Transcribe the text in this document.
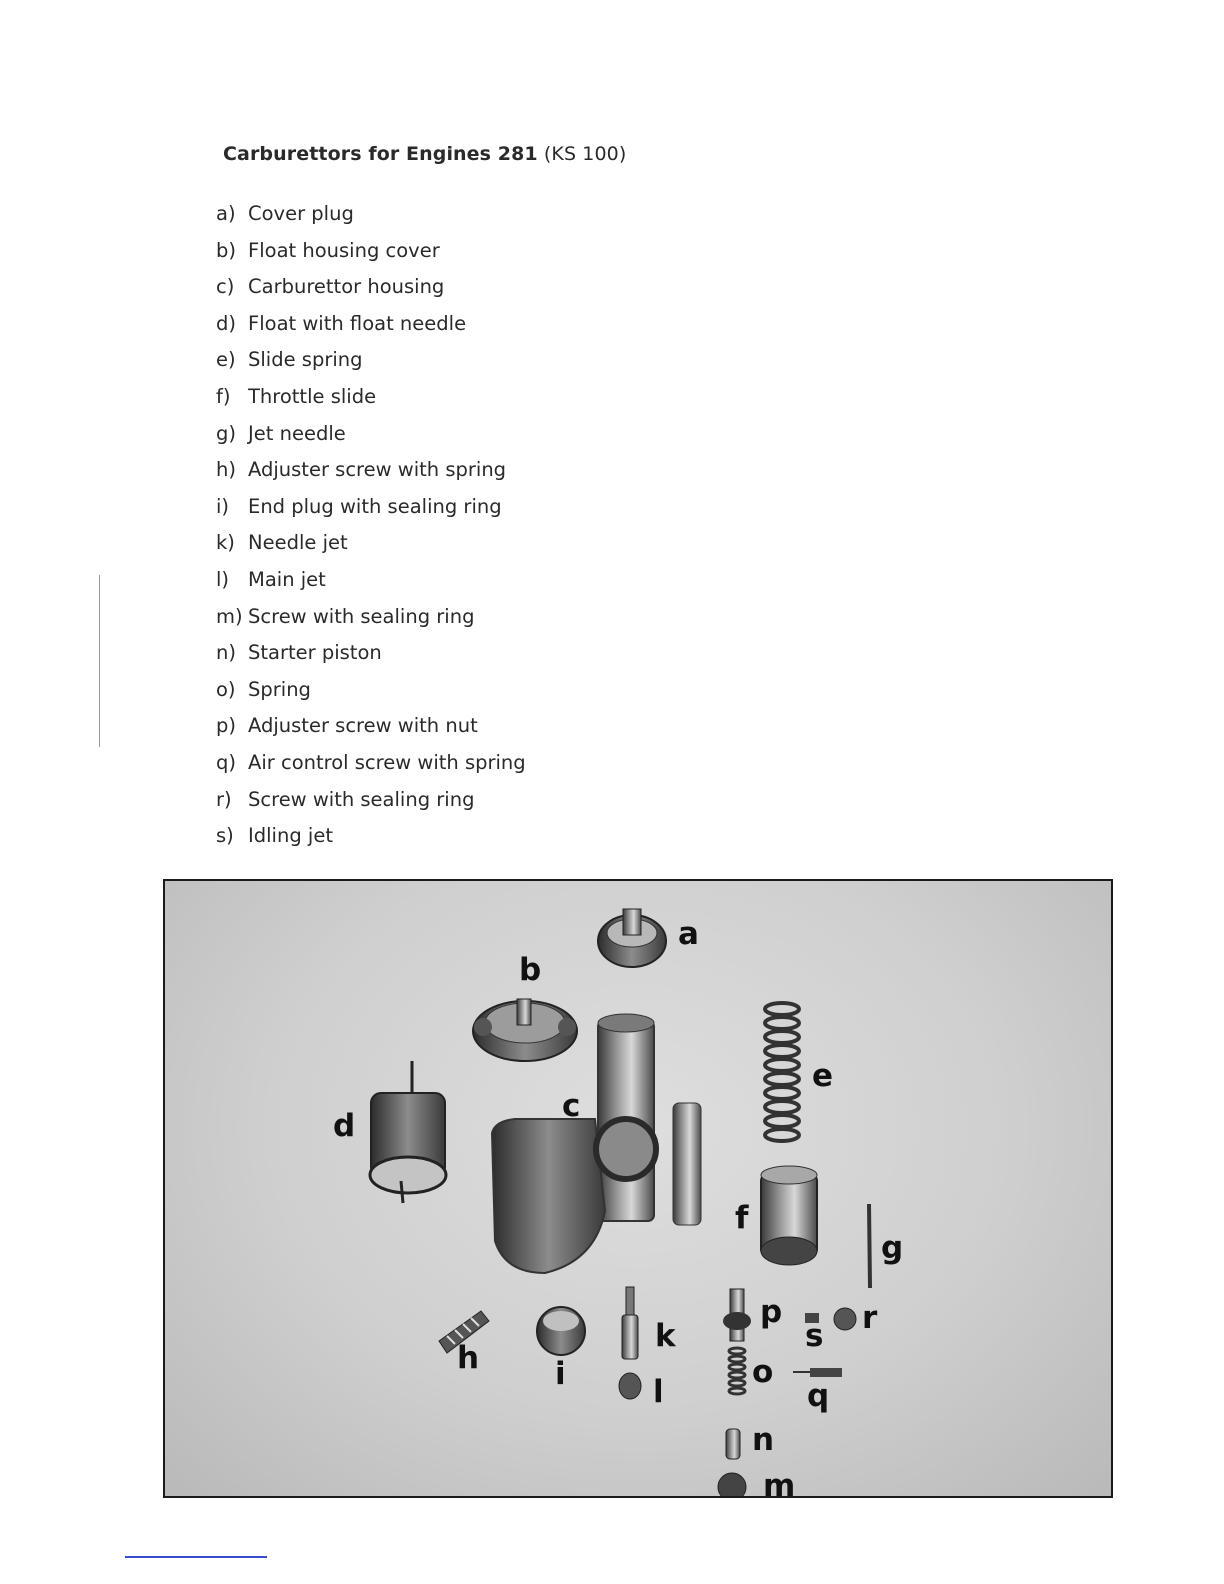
Carburettors for Engines 281 (KS 100)
a) Cover plug
b) Float housing cover
c) Carburettor housing
d) Float with float needle
e) Slide spring
f) Throttle slide
g) Jet needle
h) Adjuster screw with spring
i) End plug with sealing ring
k) Needle jet
l) Main jet
m) Screw with sealing ring
n) Starter piston
o) Spring
p) Adjuster screw with nut
q) Air control screw with spring
r) Screw with sealing ring
s) Idling jet
a
b
c
d
e
f
g
h i
k
l
m
n
o
p
q
r
s
